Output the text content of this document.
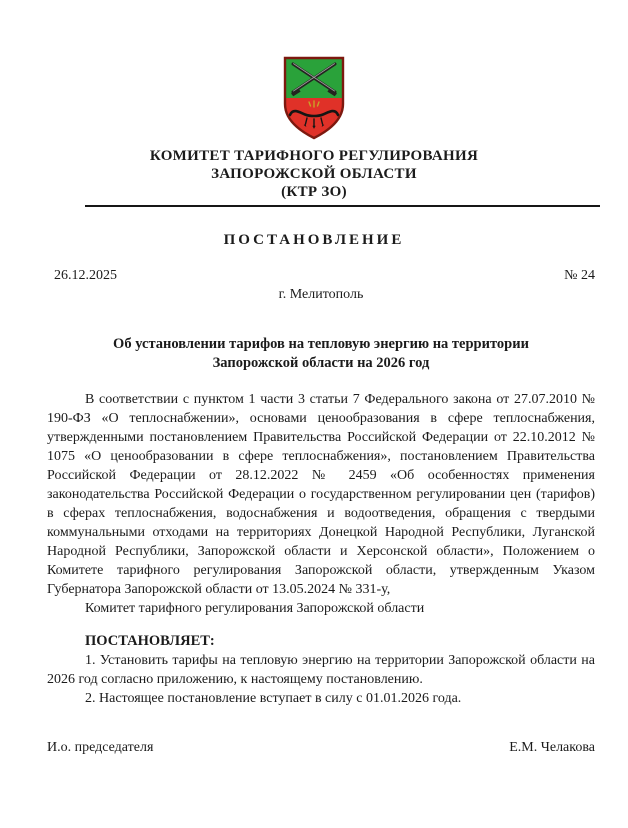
КОМИТЕТ ТАРИФНОГО РЕГУЛИРОВАНИЯ
ЗАПОРОЖСКОЙ ОБЛАСТИ
(КТР ЗО)
ПОСТАНОВЛЕНИЕ
26.12.2025	№ 24
г. Мелитополь
Об установлении тарифов на тепловую энергию на территории Запорожской области на 2026 год

В соответствии с пунктом 1 части 3 статьи 7 Федерального закона от 27.07.2010 № 190-ФЗ «О теплоснабжении», основами ценообразования в сфере теплоснабжения, утвержденными постановлением Правительства Российской Федерации от 22.10.2012 № 1075 «О ценообразовании в сфере теплоснабжения», постановлением Правительства Российской Федерации от 28.12.2022 № 2459 «Об особенностях применения законодательства Российской Федерации о государственном регулировании цен (тарифов) в сферах теплоснабжения, водоснабжения и водоотведения, обращения с твердыми коммунальными отходами на территориях Донецкой Народной Республики, Луганской Народной Республики, Запорожской области и Херсонской области», Положением о Комитете тарифного регулирования Запорожской области, утвержденным Указом Губернатора Запорожской области от 13.05.2024 № 331-у,

Комитет тарифного регулирования Запорожской области

ПОСТАНОВЛЯЕТ:

1. Установить тарифы на тепловую энергию на территории Запорожской области на 2026 год согласно приложению, к настоящему постановлению.

2. Настоящее постановление вступает в силу с 01.01.2026 года.

И.о. председателя	Е.М. Челакова
